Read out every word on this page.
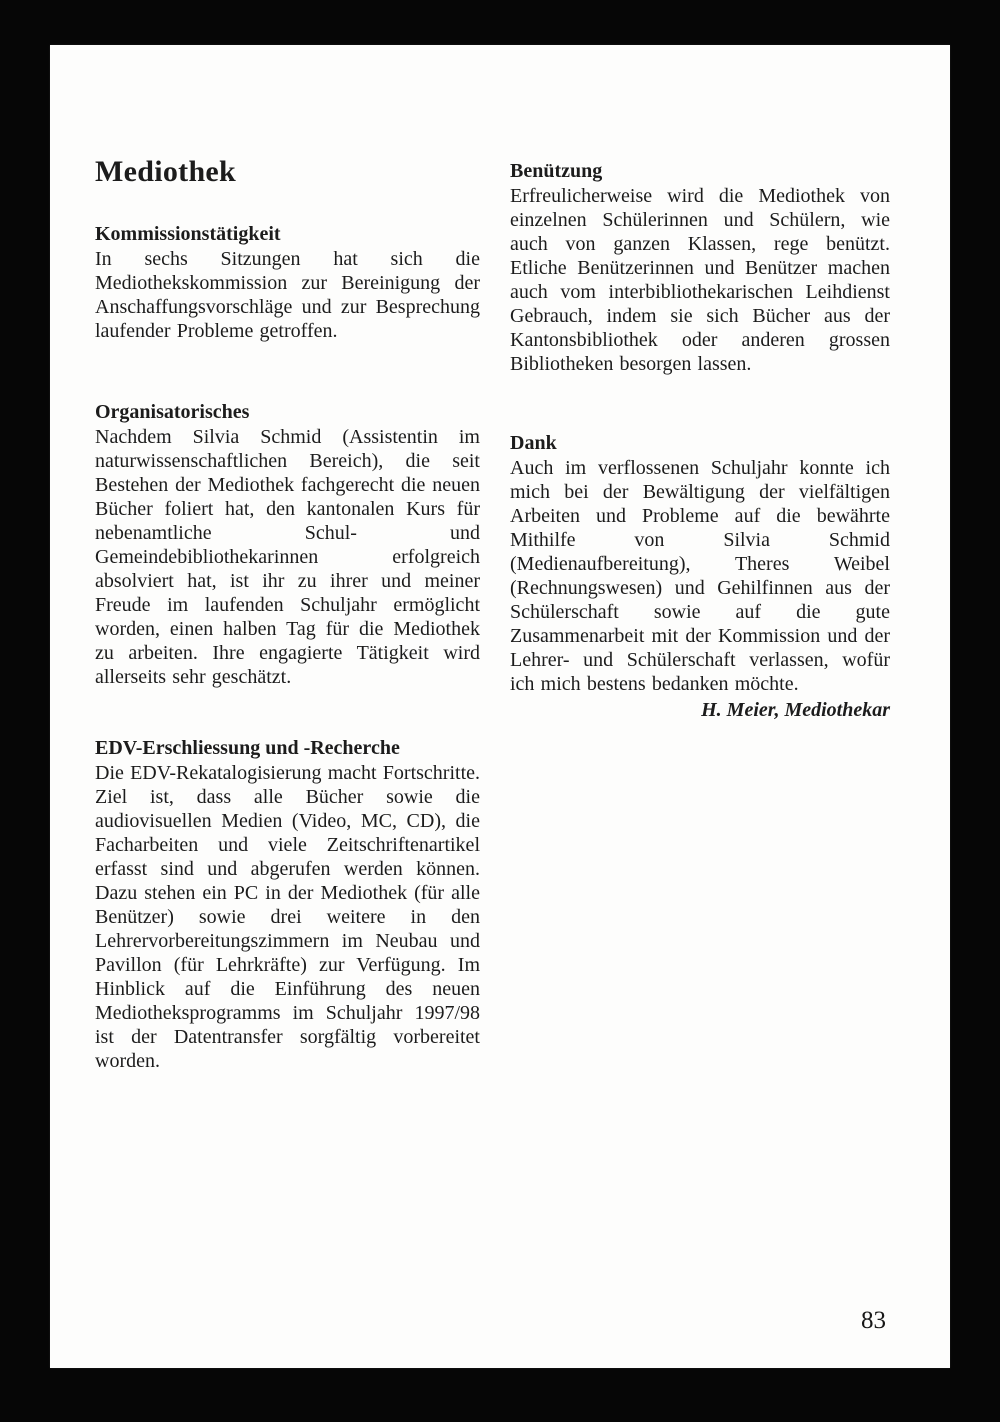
Mediothek
Kommissionstätigkeit

In sechs Sitzungen hat sich die Mediothekskommission zur Bereinigung der Anschaffungsvorschläge und zur Besprechung laufender Probleme getroffen.

Organisatorisches

Nachdem Silvia Schmid (Assistentin im naturwissenschaftlichen Bereich), die seit Bestehen der Mediothek fachgerecht die neuen Bücher foliert hat, den kantonalen Kurs für nebenamtliche Schul- und Gemeindebibliothekarinnen erfolgreich absolviert hat, ist ihr zu ihrer und meiner Freude im laufenden Schuljahr ermöglicht worden, einen halben Tag für die Mediothek zu arbeiten. Ihre engagierte Tätigkeit wird allerseits sehr geschätzt.

EDV-Erschliessung und -Recherche

Die EDV-Rekatalogisierung macht Fortschritte. Ziel ist, dass alle Bücher sowie die audiovisuellen Medien (Video, MC, CD), die Facharbeiten und viele Zeitschriftenartikel erfasst sind und abgerufen werden können. Dazu stehen ein PC in der Mediothek (für alle Benützer) sowie drei weitere in den Lehrervorbereitungszimmern im Neubau und Pavillon (für Lehrkräfte) zur Verfügung. Im Hinblick auf die Einführung des neuen Mediotheksprogramms im Schuljahr 1997/98 ist der Datentransfer sorgfältig vorbereitet worden.

Benützung

Erfreulicherweise wird die Mediothek von einzelnen Schülerinnen und Schülern, wie auch von ganzen Klassen, rege benützt. Etliche Benützerinnen und Benützer machen auch vom interbibliothekarischen Leihdienst Gebrauch, indem sie sich Bücher aus der Kantonsbibliothek oder anderen grossen Bibliotheken besorgen lassen.

Dank

Auch im verflossenen Schuljahr konnte ich mich bei der Bewältigung der vielfältigen Arbeiten und Probleme auf die bewährte Mithilfe von Silvia Schmid (Medienaufbereitung), Theres Weibel (Rechnungswesen) und Gehilfinnen aus der Schülerschaft sowie auf die gute Zusammenarbeit mit der Kommission und der Lehrer- und Schülerschaft verlassen, wofür ich mich bestens bedanken möchte.

H. Meier, Mediothekar

83
